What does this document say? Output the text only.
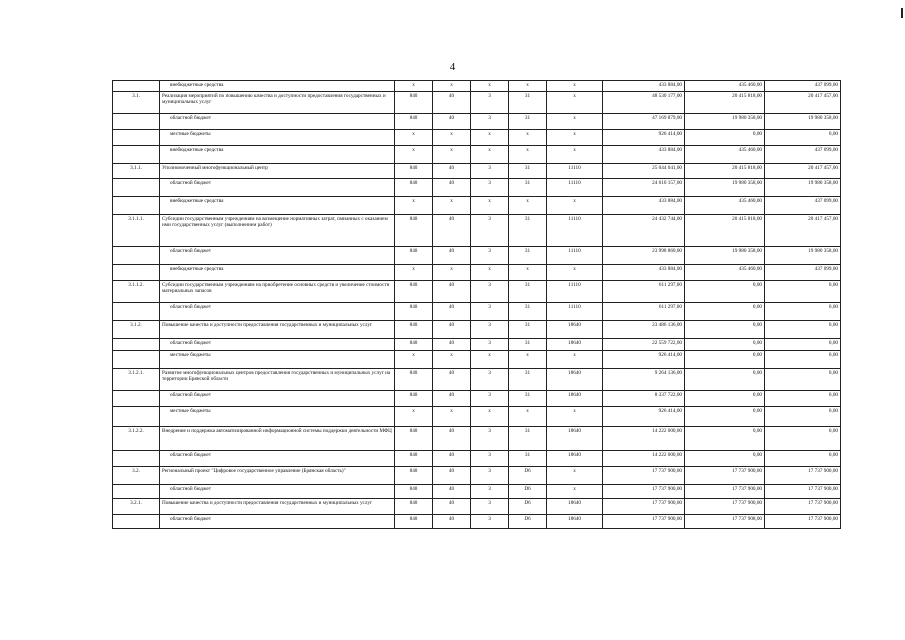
4
	внебюджетные средства	x	x	x	x	x	433 884,00	435 460,00	437 099,00
3.1.	Реализация мероприятий по повышению качества и доступности предоставления государственных и муниципальных услуг	840	40	3	31	x	48 530 177,00	20 415 818,00	20 417 457,00
	областной бюджет	840	40	3	31	x	47 169 879,00	19 980 358,00	19 980 358,00
	местные бюджеты	x	x	x	x	x	926 414,00	0,00	0,00
	внебюджетные средства	x	x	x	x	x	433 884,00	435 460,00	437 099,00
3.1.1.	Уполномоченный многофункциональный центр	840	40	3	31	11110	25 044 041,00	20 415 818,00	20 417 457,00
	областной бюджет	840	40	3	31	11110	24 610 157,00	19 980 358,00	19 980 358,00
	внебюджетные средства	x	x	x	x	x	433 884,00	435 460,00	437 099,00
3.1.1.1.	Субсидии государственным учреждениям на возмещение нормативных затрат, связанных с оказанием ими государственных услуг (выполнением работ)	840	40	3	31	11110	24 432 744,00	20 415 818,00	20 417 457,00
	областной бюджет	840	40	3	31	11110	23 998 860,00	19 980 358,00	19 980 358,00
	внебюджетные средства	x	x	x	x	x	433 884,00	435 460,00	437 099,00
3.1.1.2.	Субсидии государственным учреждениям на приобретение основных средств и увеличение стоимости материальных запасов	840	40	3	31	11110	611 297,00	0,00	0,00
	областной бюджет	840	40	3	31	11110	611 297,00	0,00	0,00
3.1.2.	Повышение качества и доступности предоставления государственных и муниципальных услуг	840	40	3	31	18640	23 486 136,00	0,00	0,00
	областной бюджет	840	40	3	31	18640	22 559 722,00	0,00	0,00
	местные бюджеты	x	x	x	x	x	926 414,00	0,00	0,00
3.1.2.1.	Развитие многофункциональных центров предоставления государственных и муниципальных услуг на территории Брянской области	840	40	3	31	18640	9 264 136,00	0,00	0,00
	областной бюджет	840	40	3	31	18640	8 337 722,00	0,00	0,00
	местные бюджеты	x	x	x	x	x	926 414,00	0,00	0,00
3.1.2.2.	Внедрение и поддержка автоматизированной информационной системы поддержки деятельности МФЦ	840	40	3	31	18640	14 222 000,00	0,00	0,00
	областной бюджет	840	40	3	31	18640	14 222 000,00	0,00	0,00
3.2.	Региональный проект "Цифровое государственное управление (Брянская область)"	840	40	3	D6	x	17 737 900,00	17 737 900,00	17 737 900,00
	областной бюджет	840	40	3	D6	x	17 737 900,00	17 737 900,00	17 737 900,00
3.2.1.	Повышение качества и доступности предоставления государственных и муниципальных услуг	840	40	3	D6	18640	17 737 900,00	17 737 900,00	17 737 900,00
	областной бюджет	840	40	3	D6	18640	17 737 900,00	17 737 908,00	17 737 900,00
